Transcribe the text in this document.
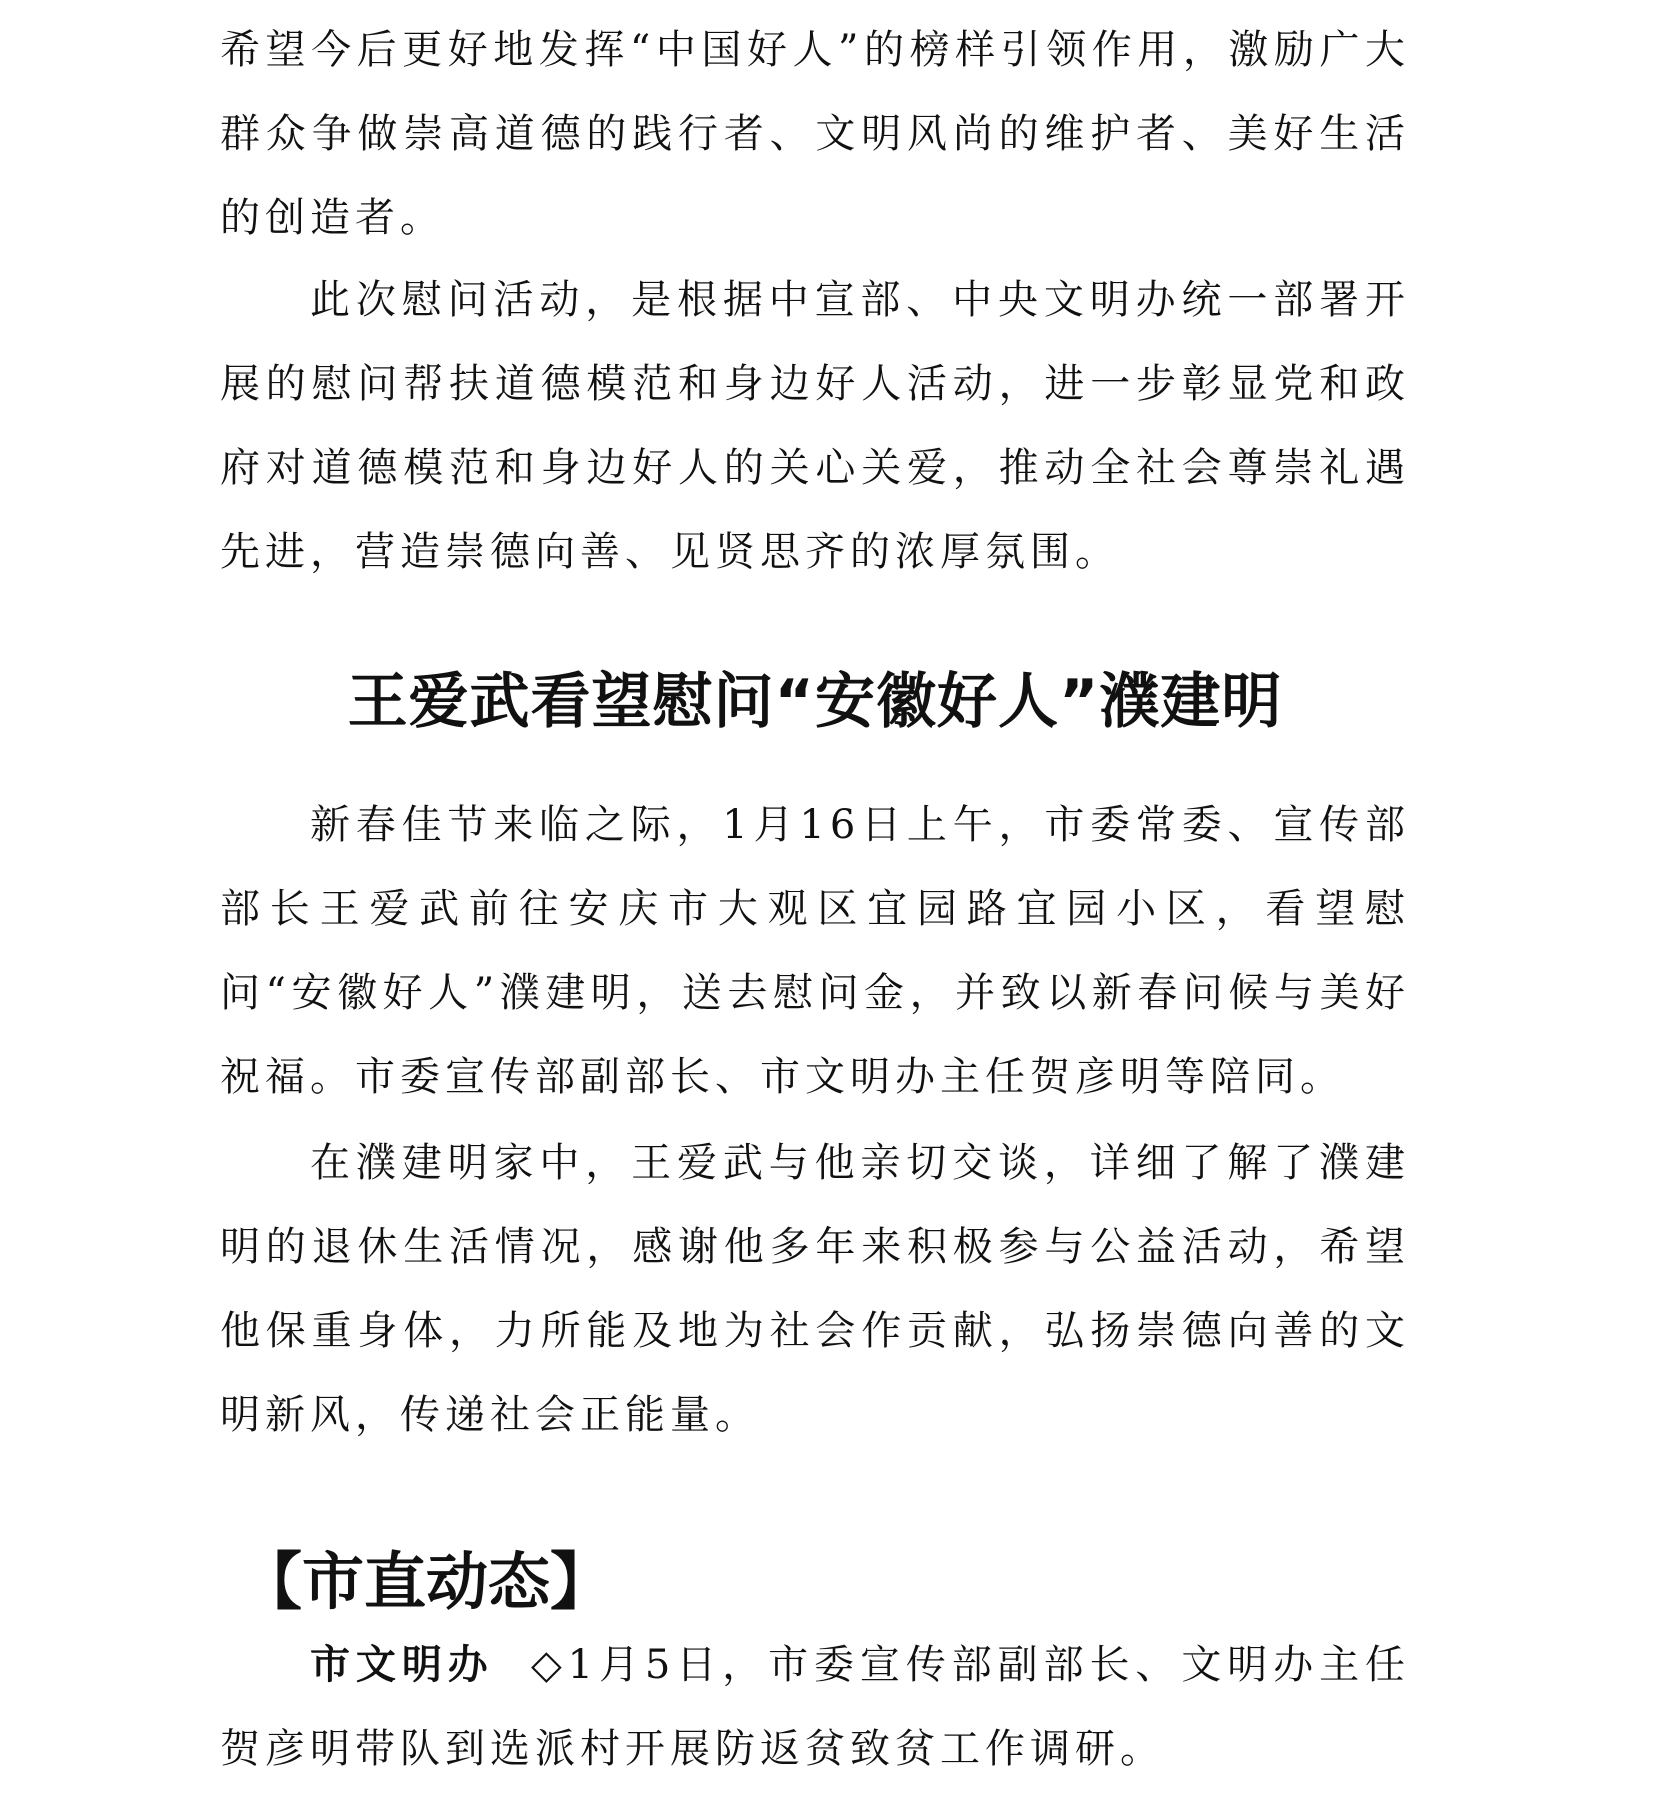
希望今后更好地发挥“中国好人”的榜样引领作用，激励广大群众争做崇高道德的践行者、文明风尚的维护者、美好生活的创造者。

此次慰问活动，是根据中宣部、中央文明办统一部署开展的慰问帮扶道德模范和身边好人活动，进一步彰显党和政府对道德模范和身边好人的关心关爱，推动全社会尊崇礼遇先进，营造崇德向善、见贤思齐的浓厚氛围。

王爱武看望慰问“安徽好人”濮建明

新春佳节来临之际，1月16日上午，市委常委、宣传部部长王爱武前往安庆市大观区宜园路宜园小区，看望慰问“安徽好人”濮建明，送去慰问金，并致以新春问候与美好祝福。市委宣传部副部长、市文明办主任贺彦明等陪同。

在濮建明家中，王爱武与他亲切交谈，详细了解了濮建明的退休生活情况，感谢他多年来积极参与公益活动，希望他保重身体，力所能及地为社会作贡献，弘扬崇德向善的文明新风，传递社会正能量。

【市直动态】

市文明办 ◇1月5日，市委宣传部副部长、文明办主任贺彦明带队到选派村开展防返贫致贫工作调研。
